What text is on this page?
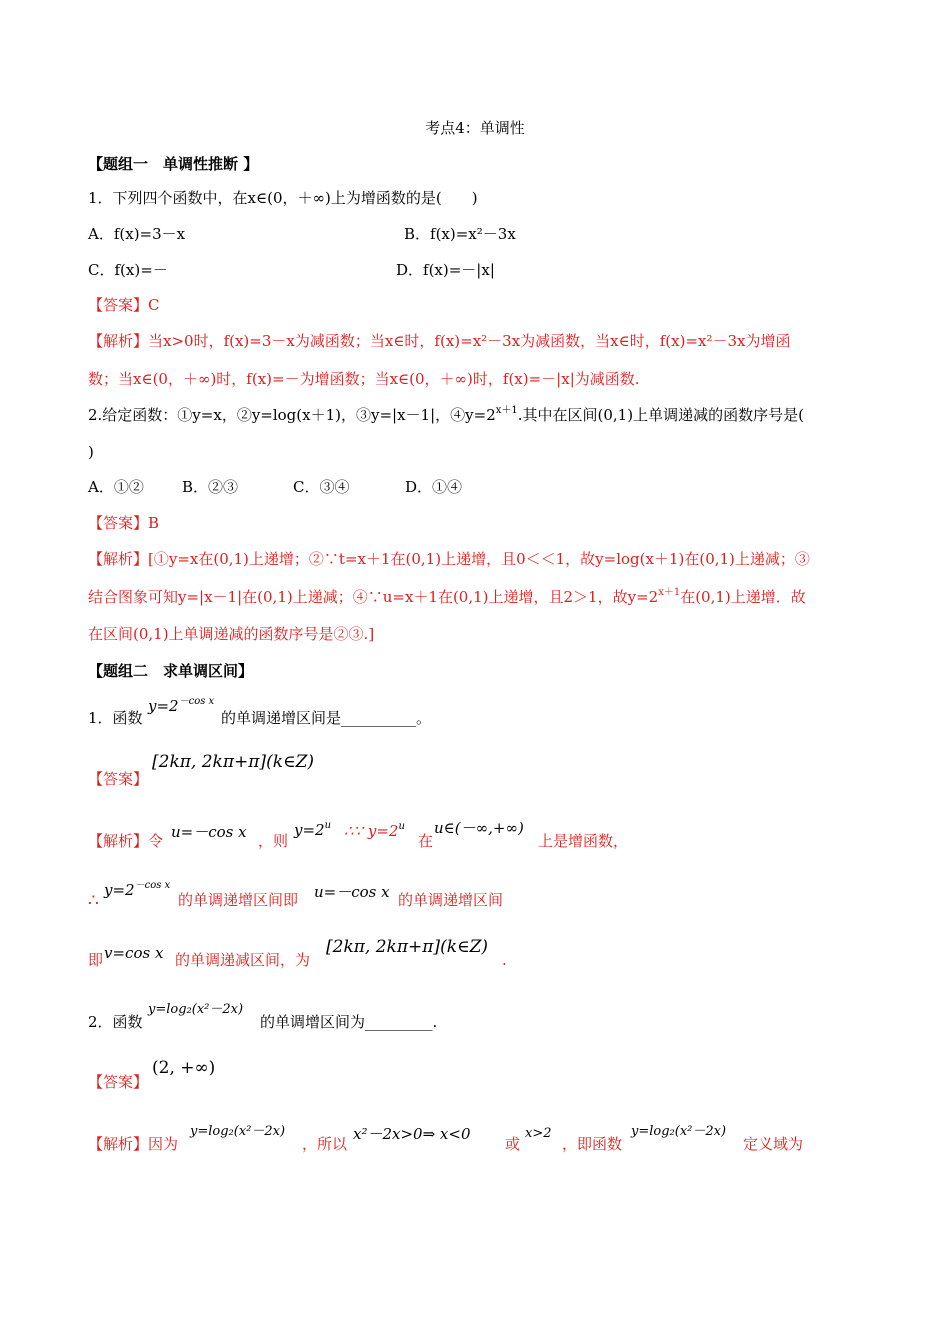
考点4：单调性
【题组一　单调性推断 】
1．下列四个函数中，在x∈(0，＋∞)上为增函数的是(　　)
A．f(x)=3－x	B．f(x)=x²－3x
C．f(x)=－	D．f(x)=－|x|
【答案】C
【解析】当x>0时，f(x)=3－x为减函数；当x∈时，f(x)=x²－3x为减函数，当x∈时，f(x)=x²－3x为增函
数；当x∈(0，＋∞)时，f(x)=－为增函数；当x∈(0，＋∞)时，f(x)=－|x|为减函数.
2.给定函数：①y=x，②y=log(x＋1)，③y=|x－1|，$④y=2^{x+1}$.其中在区间(0,1)上单调递减的函数序号是(
)
A．①②	B．②③	C．③④	D．①④
【答案】B
【解析】[①y=x在(0,1)上递增；②∵t=x＋1在(0,1)上递增，且0＜＜1，故y=log(x＋1)在(0,1)上递减；③
结合图象可知y=|x－1|在(0,1)上递减；④∵u=x＋1在(0,1)上递增，且2＞1，故$y=2^{x+1}$在(0,1)上递增．故
在区间(0,1)上单调递减的函数序号是②③.]
【题组二　求单调区间】
1．函数
$y=2^{-cos x}$
的单调递增区间是__________。
【答案】
[2kπ, 2kπ+π](k∈Z)
【解析】令 u=－cos x ，则
$y=2^u$ ∴∵ $y=2^u$
在
u∈(－∞,+∞)
上是增函数，
∴
$y=2^{-cos x}$
的单调递增区间即 u=－cos x 的单调递增区间
即 v=cos x 的单调递减区间，为
[2kπ, 2kπ+π](k∈Z)
.
2．函数
y=log₂(x²－2x)
的单调增区间为_________.
【答案】
(2, +∞)
【解析】因为
y=log₂(x²－2x)
，所以
x²－2x>0⇒ x<0
或
x>2
，即函数
y=log₂(x²－2x)
定义域为
